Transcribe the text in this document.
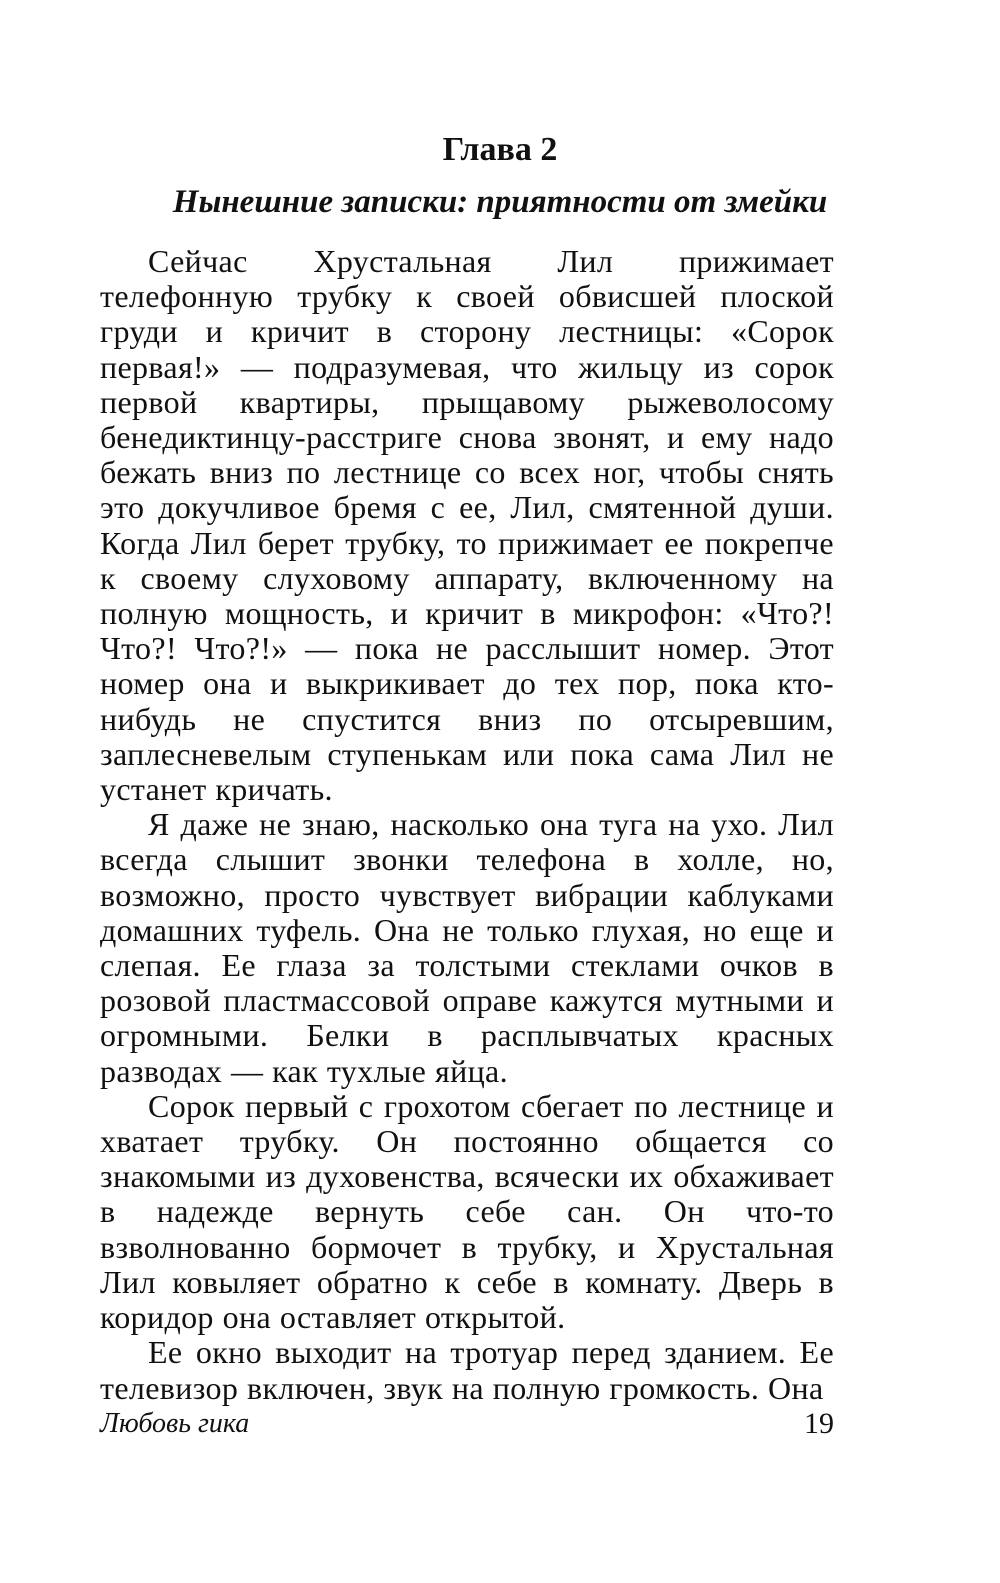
Глава 2
Нынешние записки: приятности от змейки

Сейчас Хрустальная Лил прижимает телефонную трубку к своей обвисшей плоской груди и кричит в сторону лестницы: «Сорок первая!» — подразумевая, что жильцу из сорок первой квартиры, прыщавому рыжеволосому бенедиктинцу-расстриге снова звонят, и ему надо бежать вниз по лестнице со всех ног, чтобы снять это докучливое бремя с ее, Лил, смятенной души. Когда Лил берет трубку, то прижимает ее покрепче к своему слуховому аппарату, включенному на полную мощность, и кричит в микрофон: «Что?! Что?! Что?!» — пока не расслышит номер. Этот номер она и выкрикивает до тех пор, пока кто-нибудь не спустится вниз по отсыревшим, заплесневелым ступенькам или пока сама Лил не устанет кричать.

Я даже не знаю, насколько она туга на ухо. Лил всегда слышит звонки телефона в холле, но, возможно, просто чувствует вибрации каблуками домашних туфель. Она не только глухая, но еще и слепая. Ее глаза за толстыми стеклами очков в розовой пластмассовой оправе кажутся мутными и огромными. Белки в расплывчатых красных разводах — как тухлые яйца.

Сорок первый с грохотом сбегает по лестнице и хватает трубку. Он постоянно общается со знакомыми из духовенства, всячески их обхаживает в надежде вернуть себе сан. Он что-то взволнованно бормочет в трубку, и Хрустальная Лил ковыляет обратно к себе в комнату. Дверь в коридор она оставляет открытой.

Ее окно выходит на тротуар перед зданием. Ее телевизор включен, звук на полную громкость. Она

Любовь гика	19
